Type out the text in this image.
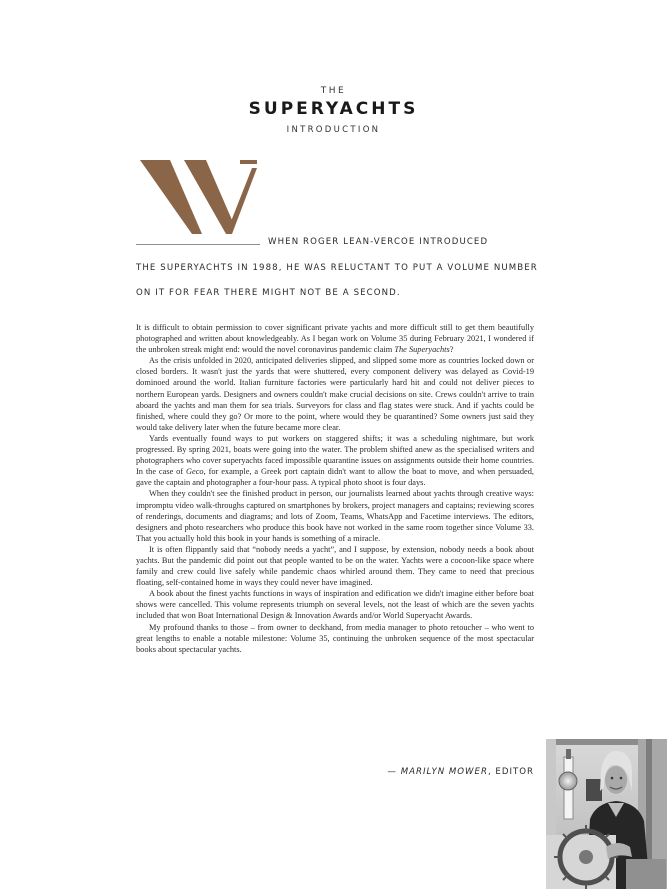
THE
SUPERYACHTS
INTRODUCTION
WHEN ROGER LEAN-VERCOE INTRODUCED
THE SUPERYACHTS IN 1988, HE WAS RELUCTANT TO PUT A VOLUME NUMBER
ON IT FOR FEAR THERE MIGHT NOT BE A SECOND.

It is difficult to obtain permission to cover significant private yachts and more difficult still to get them beautifully photographed and written about knowledgeably. As I began work on Volume 35 during February 2021, I wondered if the unbroken streak might end: would the novel coronavirus pandemic claim The Superyachts?

As the crisis unfolded in 2020, anticipated deliveries slipped, and slipped some more as countries locked down or closed borders. It wasn't just the yards that were shuttered, every component delivery was delayed as Covid-19 dominoed around the world. Italian furniture factories were particularly hard hit and could not deliver pieces to northern European yards. Designers and owners couldn't make crucial decisions on site. Crews couldn't arrive to train aboard the yachts and man them for sea trials. Surveyors for class and flag states were stuck. And if yachts could be finished, where could they go? Or more to the point, where would they be quarantined? Some owners just said they would take delivery later when the future became more clear.

Yards eventually found ways to put workers on staggered shifts; it was a scheduling nightmare, but work progressed. By spring 2021, boats were going into the water. The problem shifted anew as the specialised writers and photographers who cover superyachts faced impossible quarantine issues on assignments outside their home countries. In the case of Geco, for example, a Greek port captain didn't want to allow the boat to move, and when persuaded, gave the captain and photographer a four-hour pass. A typical photo shoot is four days.

When they couldn't see the finished product in person, our journalists learned about yachts through creative ways: impromptu video walk-throughs captured on smartphones by brokers, project managers and captains; reviewing scores of renderings, documents and diagrams; and lots of Zoom, Teams, WhatsApp and Facetime interviews. The editors, designers and photo researchers who produce this book have not worked in the same room together since Volume 33. That you actually hold this book in your hands is something of a miracle.

It is often flippantly said that “nobody needs a yacht”, and I suppose, by extension, nobody needs a book about yachts. But the pandemic did point out that people wanted to be on the water. Yachts were a cocoon-like space where family and crew could live safely while pandemic chaos whirled around them. They came to need that precious floating, self-contained home in ways they could never have imagined.

A book about the finest yachts functions in ways of inspiration and edification we didn't imagine either before boat shows were cancelled. This volume represents triumph on several levels, not the least of which are the seven yachts included that won Boat International Design & Innovation Awards and/or World Superyacht Awards.

My profound thanks to those – from owner to deckhand, from media manager to photo retoucher – who went to great lengths to enable a notable milestone: Volume 35, continuing the unbroken sequence of the most spectacular books about spectacular yachts.

— MARILYN MOWER, EDITOR
